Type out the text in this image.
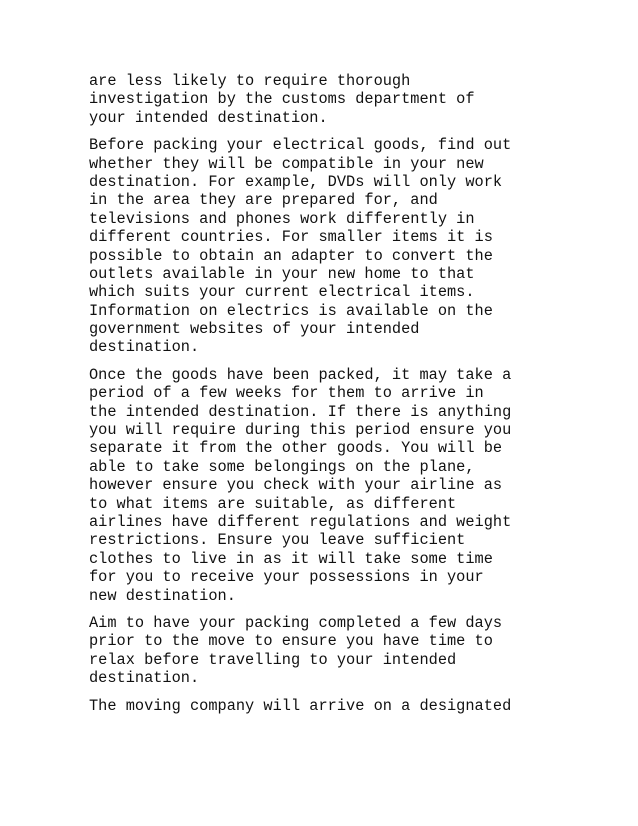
are less likely to require thorough
investigation by the customs department of
your intended destination.

Before packing your electrical goods, find out
whether they will be compatible in your new
destination. For example, DVDs will only work
in the area they are prepared for, and
televisions and phones work differently in
different countries. For smaller items it is
possible to obtain an adapter to convert the
outlets available in your new home to that
which suits your current electrical items.
Information on electrics is available on the
government websites of your intended
destination.

Once the goods have been packed, it may take a
period of a few weeks for them to arrive in
the intended destination. If there is anything
you will require during this period ensure you
separate it from the other goods. You will be
able to take some belongings on the plane,
however ensure you check with your airline as
to what items are suitable, as different
airlines have different regulations and weight
restrictions. Ensure you leave sufficient
clothes to live in as it will take some time
for you to receive your possessions in your
new destination.

Aim to have your packing completed a few days
prior to the move to ensure you have time to
relax before travelling to your intended
destination.

The moving company will arrive on a designated
